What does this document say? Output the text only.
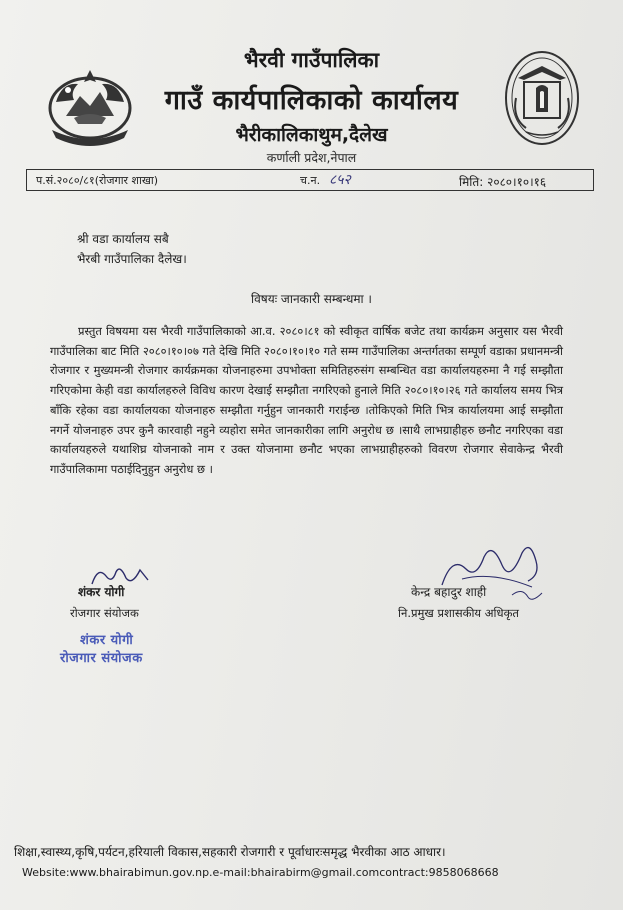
भैरवी गाउँपालिका
गाउँ कार्यपालिकाको कार्यालय
भैरीकालिकाथुम,दैलेख
कर्णाली प्रदेश,नेपाल
प.सं.२०८०/८१(रोजगार शाखा)	च.न. ८५२	मिति: २०८०।१०।१६
श्री वडा कार्यालय सबै
भैरबी गाउँपालिका दैलेख।
विषयः जानकारी सम्बन्धमा ।
प्रस्तुत विषयमा यस भैरवी गाउँपालिकाको आ.व. २०८०।८१ को स्वीकृत वार्षिक बजेट तथा कार्यक्रम अनुसार यस भैरवी गाउँपालिका बाट मिति २०८०।१०।०७ गते देखि मिति २०८०।१०।१० गते सम्म गाउँपालिका अन्तर्गतका सम्पूर्ण वडाका प्रधानमन्त्री रोजगार र मुख्यमन्त्री रोजगार कार्यक्रमका योजनाहरुमा उपभोक्ता समितिहरुसंग सम्बन्धित वडा कार्यालयहरुमा नै गई सम्झौता गरिएकोमा केही वडा कार्यालहरुले विविध कारण देखाई सम्झौता नगरिएको हुनाले मिति २०८०।१०।२६ गते कार्यालय समय भित्र बाँकि रहेका वडा कार्यालयका योजनाहरु सम्झौता गर्नुहुन जानकारी गराईन्छ ।तोकिएको मिति भित्र कार्यालयमा आई सम्झौता नगर्ने योजनाहरु उपर कुनै कारवाही नहुने व्यहोरा समेत जानकारीका लागि अनुरोध छ ।साथै लाभग्राहीहरु छनौट नगरिएका वडा कार्यालयहरुले यथाशिघ्र योजनाको नाम र उक्त योजनामा छनौट भएका लाभग्राहीहरुको विवरण रोजगार सेवाकेन्द्र भैरवी गाउँपालिकामा पठाईदिनुहुन अनुरोध छ ।
शंकर योगी
रोजगार संयोजक
शंकर योगी
रोजगार संयोजक
केन्द्र बहादुर शाही
नि.प्रमुख प्रशासकीय अधिकृत
शिक्षा,स्वास्थ्य,कृषि,पर्यटन,हरियाली विकास,सहकारी रोजगारी र पूर्वाधारःसमृद्ध भैरवीका आठ आधार।
Website:www.bhairabimun.gov.np.e-mail:bhairabirm@gmail.comcontract:9858068668
